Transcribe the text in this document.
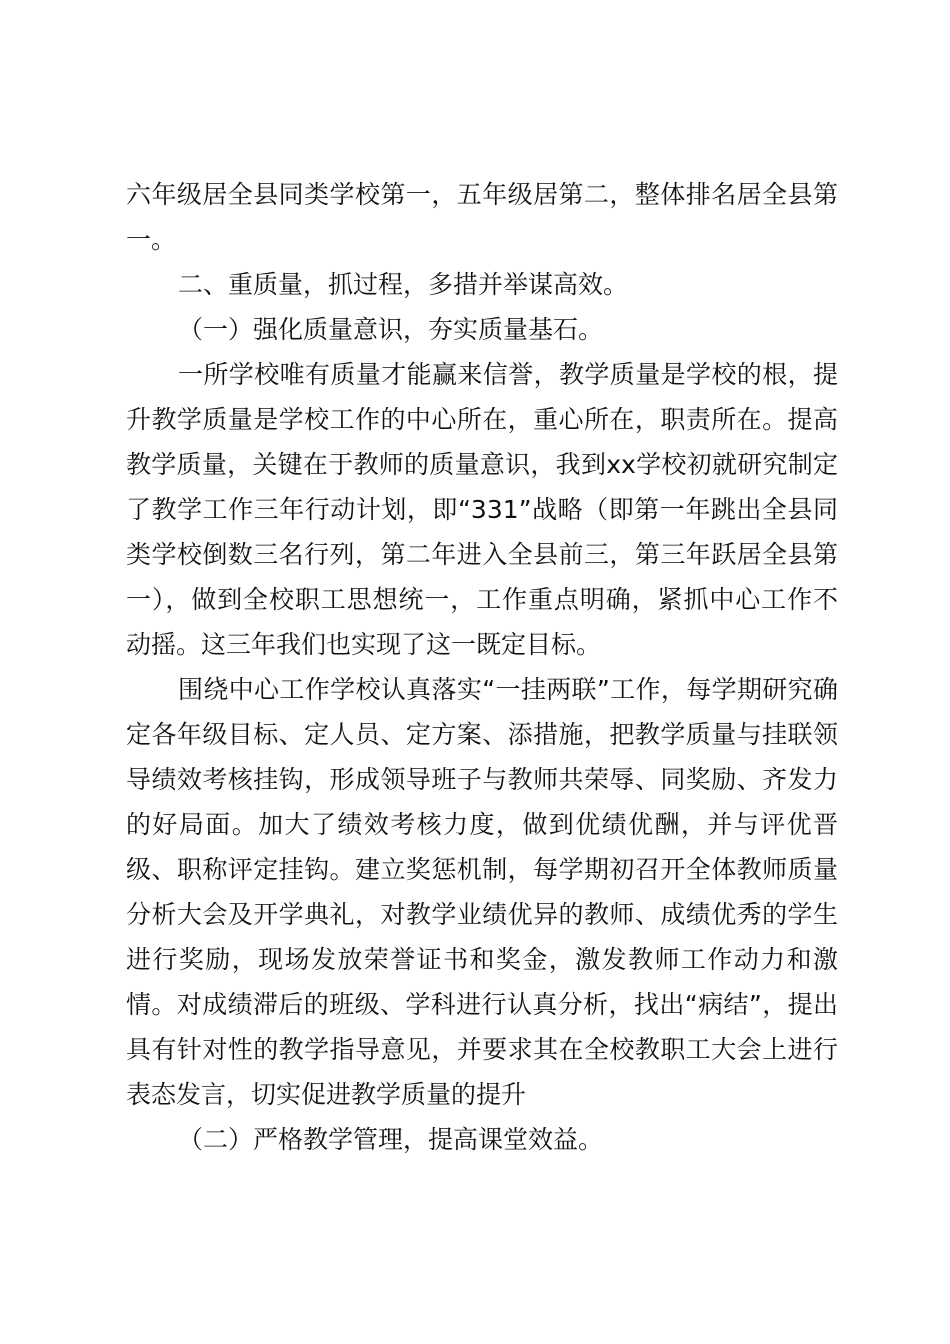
六年级居全县同类学校第一，五年级居第二，整体排名居全县第一。

二、重质量，抓过程，多措并举谋高效。

（一）强化质量意识，夯实质量基石。

一所学校唯有质量才能赢来信誉，教学质量是学校的根，提升教学质量是学校工作的中心所在，重心所在，职责所在。提高教学质量，关键在于教师的质量意识，我到xx学校初就研究制定了教学工作三年行动计划，即“331”战略（即第一年跳出全县同类学校倒数三名行列，第二年进入全县前三，第三年跃居全县第一），做到全校职工思想统一，工作重点明确，紧抓中心工作不动摇。这三年我们也实现了这一既定目标。

围绕中心工作学校认真落实“一挂两联”工作，每学期研究确定各年级目标、定人员、定方案、添措施，把教学质量与挂联领导绩效考核挂钩，形成领导班子与教师共荣辱、同奖励、齐发力的好局面。加大了绩效考核力度，做到优绩优酬，并与评优晋级、职称评定挂钩。建立奖惩机制，每学期初召开全体教师质量分析大会及开学典礼，对教学业绩优异的教师、成绩优秀的学生进行奖励，现场发放荣誉证书和奖金，激发教师工作动力和激情。对成绩滞后的班级、学科进行认真分析，找出“病结”，提出具有针对性的教学指导意见，并要求其在全校教职工大会上进行表态发言，切实促进教学质量的提升

（二）严格教学管理，提高课堂效益。
